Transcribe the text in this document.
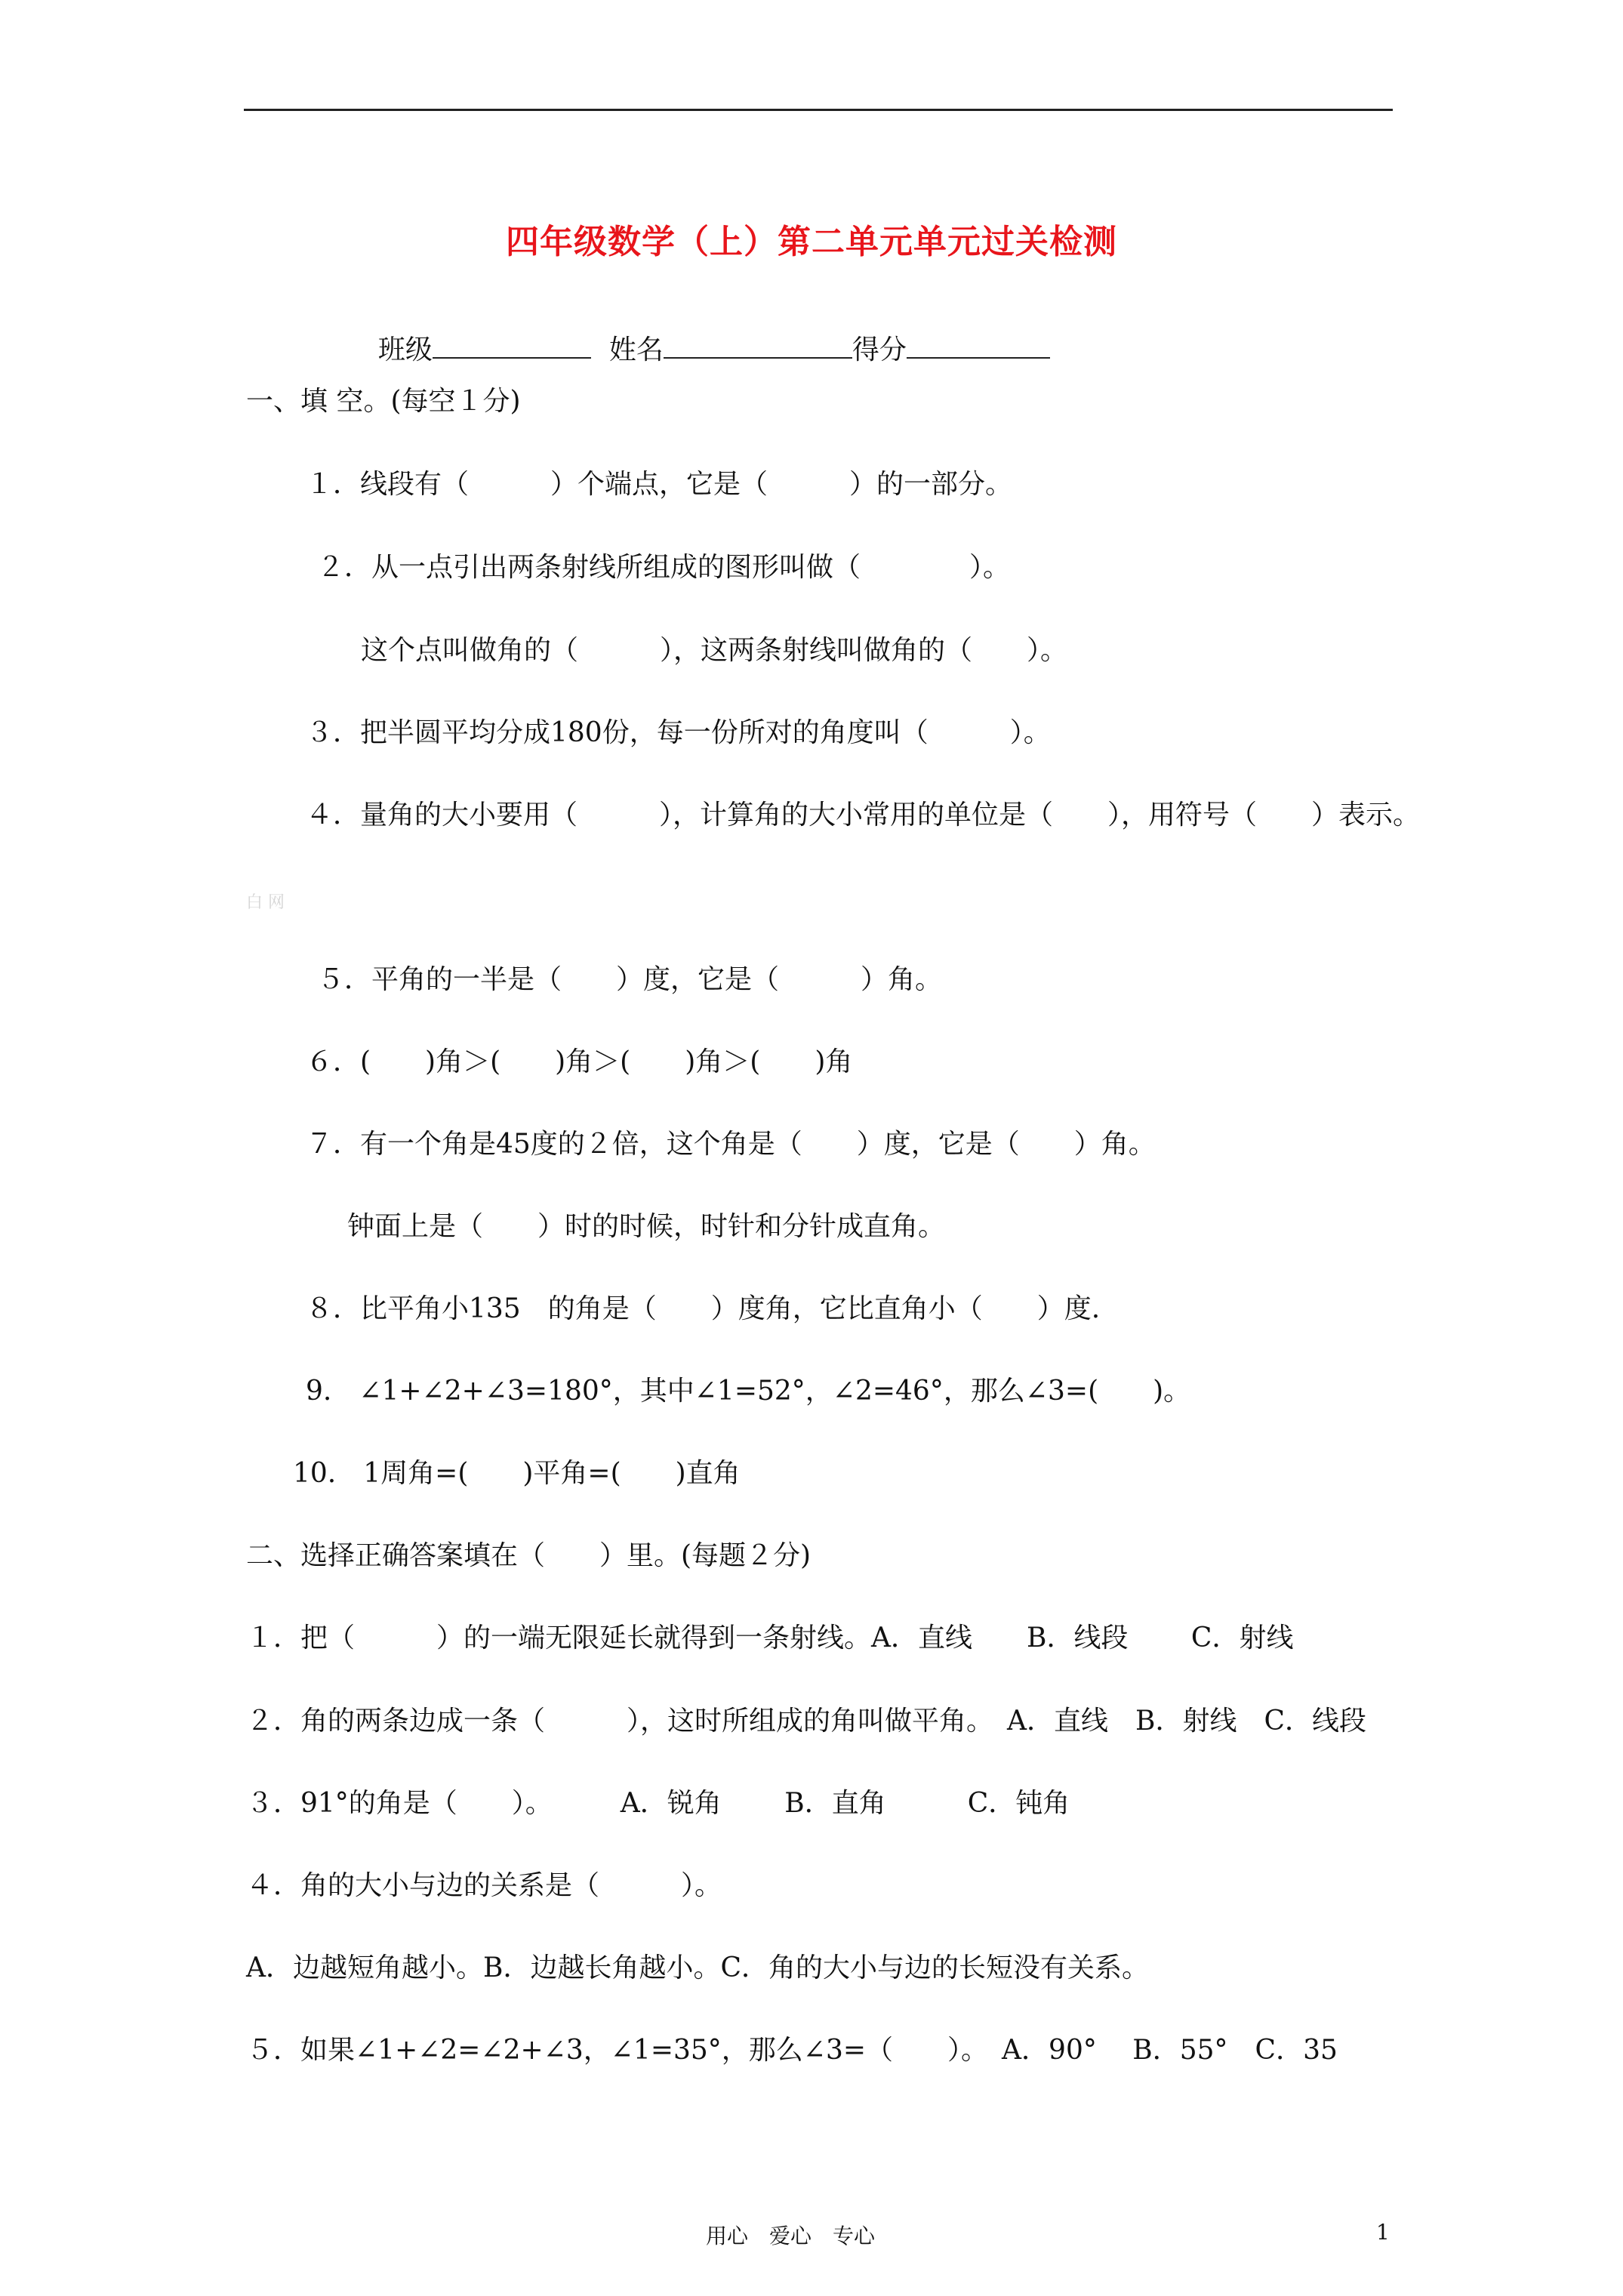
四年级数学（上）第二单元单元过关检测

班级	姓名	得分

一、填 空。(每空１分)
１．线段有（　　　）个端点，它是（　　　）的一部分。
２．从一点引出两条射线所组成的图形叫做（　　　　）。
这个点叫做角的（　　　），这两条射线叫做角的（　　）。
３．把半圆平均分成180份，每一份所对的角度叫（　　　）。
４．量角的大小要用（　　　），计算角的大小常用的单位是（　　），用符号（　　）表示。
白 网
５．平角的一半是（　　）度，它是（　　　）角。
６．(　　)角＞(　　)角＞(　　)角＞(　　)角
７．有一个角是45度的２倍，这个角是（　　）度，它是（　　）角。
钟面上是（　　）时的时候，时针和分针成直角。
８．比平角小135　的角是（　　）度角，它比直角小（　　）度.
9.　∠1+∠2+∠3=180°，其中∠1=52°，∠2=46°，那么∠3=(　　)。
10.　1周角=(　　)平角=(　　)直角
二、选择正确答案填在（　　）里。(每题２分)
１．把（　　　）的一端无限延长就得到一条射线。A．直线　　B．线段　　 C．射线
２．角的两条边成一条（　　　），这时所组成的角叫做平角。　A．直线　B．射线　C．线段
３．91°的角是（　　）。　　　A．锐角　　 B．直角　　　C．钝角
４．角的大小与边的关系是（　　　）。
A．边越短角越小。B．边越长角越小。C．角的大小与边的长短没有关系。
５．如果∠1+∠2=∠2+∠3，∠1=35°，那么∠3=（　　）。　A．90°　 B．55°　C．35
用心　爱心　专心	1
